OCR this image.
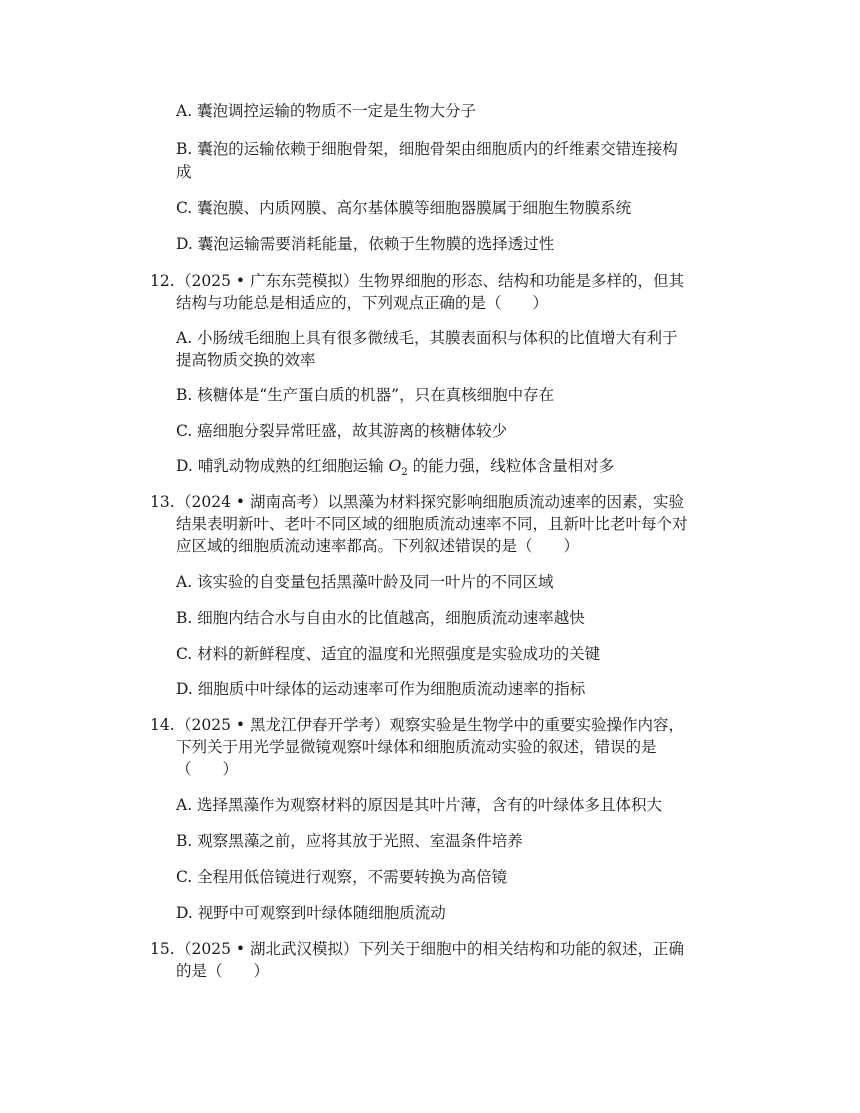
A. 囊泡调控运输的物质不一定是生物大分子
B. 囊泡的运输依赖于细胞骨架，细胞骨架由细胞质内的纤维素交错连接构
成
C. 囊泡膜、内质网膜、高尔基体膜等细胞器膜属于细胞生物膜系统
D. 囊泡运输需要消耗能量，依赖于生物膜的选择透过性
12. （2025 • 广东东莞模拟）生物界细胞的形态、结构和功能是多样的，但其
结构与功能总是相适应的，下列观点正确的是（　　）
A. 小肠绒毛细胞上具有很多微绒毛，其膜表面积与体积的比值增大有利于
提高物质交换的效率
B. 核糖体是“生产蛋白质的机器”，只在真核细胞中存在
C. 癌细胞分裂异常旺盛，故其游离的核糖体较少
D. 哺乳动物成熟的红细胞运输 $O_2$ 的能力强，线粒体含量相对多
13. （2024 • 湖南高考）以黑藻为材料探究影响细胞质流动速率的因素，实验
结果表明新叶、老叶不同区域的细胞质流动速率不同，且新叶比老叶每个对
应区域的细胞质流动速率都高。下列叙述错误的是（　　）
A. 该实验的自变量包括黑藻叶龄及同一叶片的不同区域
B. 细胞内结合水与自由水的比值越高，细胞质流动速率越快
C. 材料的新鲜程度、适宜的温度和光照强度是实验成功的关键
D. 细胞质中叶绿体的运动速率可作为细胞质流动速率的指标
14. （2025 • 黑龙江伊春开学考）观察实验是生物学中的重要实验操作内容，
下列关于用光学显微镜观察叶绿体和细胞质流动实验的叙述，错误的是
（　　）
A. 选择黑藻作为观察材料的原因是其叶片薄，含有的叶绿体多且体积大
B. 观察黑藻之前，应将其放于光照、室温条件培养
C. 全程用低倍镜进行观察，不需要转换为高倍镜
D. 视野中可观察到叶绿体随细胞质流动
15. （2025 • 湖北武汉模拟）下列关于细胞中的相关结构和功能的叙述，正确
的是（　　）
